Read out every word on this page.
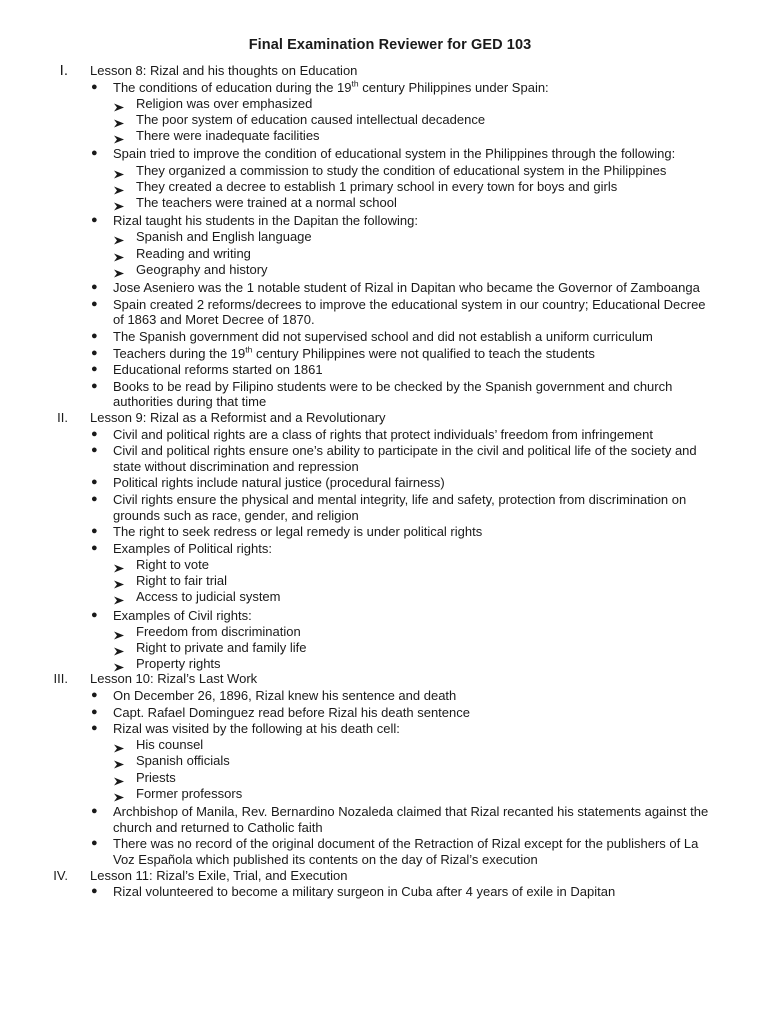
Final Examination Reviewer for GED 103
I. Lesson 8: Rizal and his thoughts on Education
● The conditions of education during the 19th century Philippines under Spain:
Religion was over emphasized
The poor system of education caused intellectual decadence
There were inadequate facilities
● Spain tried to improve the condition of educational system in the Philippines through the following:
They organized a commission to study the condition of educational system in the Philippines
They created a decree to establish 1 primary school in every town for boys and girls
The teachers were trained at a normal school
● Rizal taught his students in the Dapitan the following:
Spanish and English language
Reading and writing
Geography and history
● Jose Aseniero was the 1 notable student of Rizal in Dapitan who became the Governor of Zamboanga
● Spain created 2 reforms/decrees to improve the educational system in our country; Educational Decree of 1863 and Moret Decree of 1870.
● The Spanish government did not supervised school and did not establish a uniform curriculum
● Teachers during the 19th century Philippines were not qualified to teach the students
● Educational reforms started on 1861
● Books to be read by Filipino students were to be checked by the Spanish government and church authorities during that time
II. Lesson 9: Rizal as a Reformist and a Revolutionary
● Civil and political rights are a class of rights that protect individuals’ freedom from infringement
● Civil and political rights ensure one’s ability to participate in the civil and political life of the society and state without discrimination and repression
● Political rights include natural justice (procedural fairness)
● Civil rights ensure the physical and mental integrity, life and safety, protection from discrimination on grounds such as race, gender, and religion
● The right to seek redress or legal remedy is under political rights
● Examples of Political rights:
Right to vote
Right to fair trial
Access to judicial system
● Examples of Civil rights:
Freedom from discrimination
Right to private and family life
Property rights
III. Lesson 10: Rizal’s Last Work
● On December 26, 1896, Rizal knew his sentence and death
● Capt. Rafael Dominguez read before Rizal his death sentence
● Rizal was visited by the following at his death cell:
His counsel
Spanish officials
Priests
Former professors
● Archbishop of Manila, Rev. Bernardino Nozaleda claimed that Rizal recanted his statements against the church and returned to Catholic faith
● There was no record of the original document of the Retraction of Rizal except for the publishers of La Voz Española which published its contents on the day of Rizal’s execution
IV. Lesson 11: Rizal’s Exile, Trial, and Execution
● Rizal volunteered to become a military surgeon in Cuba after 4 years of exile in Dapitan
